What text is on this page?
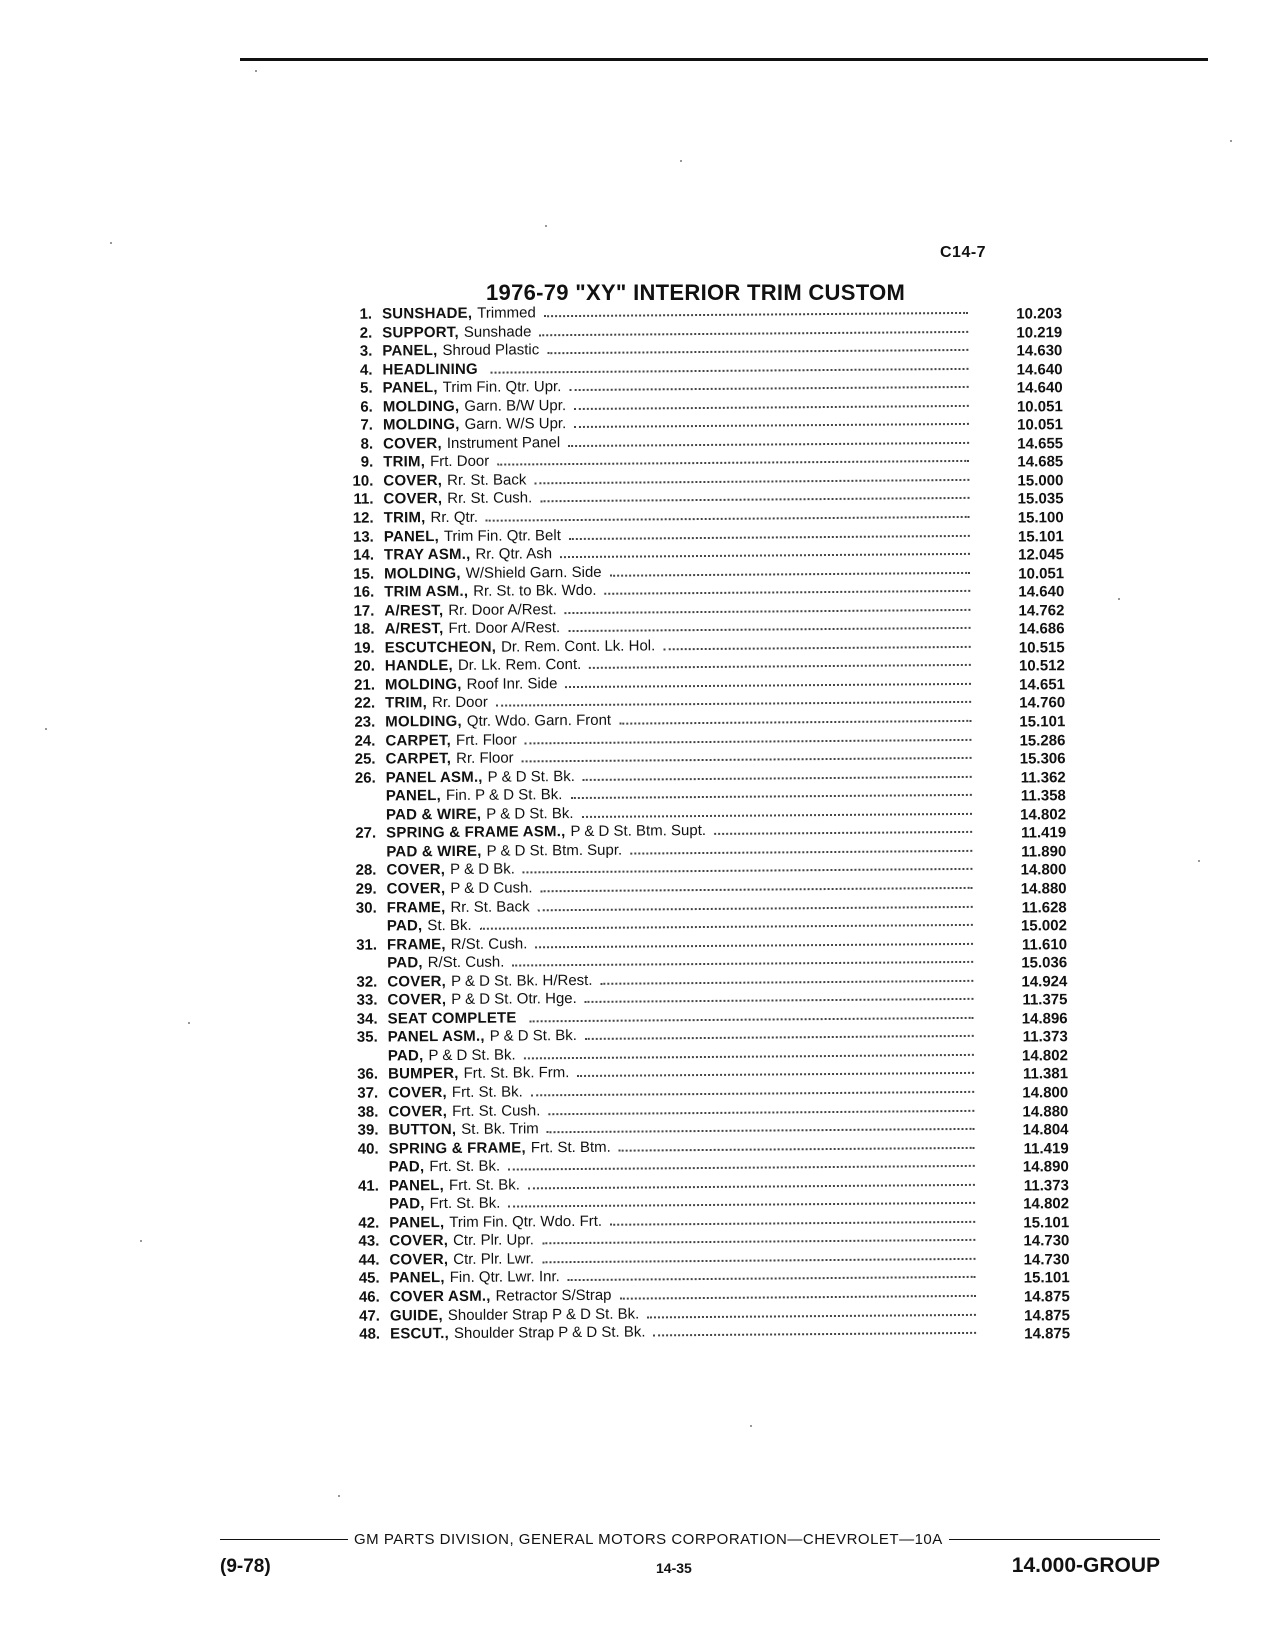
C14-7
1976-79 "XY" INTERIOR TRIM CUSTOM
1. SUNSHADE, Trimmed	10.203
2. SUPPORT, Sunshade	10.219
3. PANEL, Shroud Plastic	14.630
4. HEADLINING	14.640
5. PANEL, Trim Fin. Qtr. Upr.	14.640
6. MOLDING, Garn. B/W Upr.	10.051
7. MOLDING, Garn. W/S Upr.	10.051
8. COVER, Instrument Panel	14.655
9. TRIM, Frt. Door	14.685
10. COVER, Rr. St. Back	15.000
11. COVER, Rr. St. Cush.	15.035
12. TRIM, Rr. Qtr.	15.100
13. PANEL, Trim Fin. Qtr. Belt	15.101
14. TRAY ASM., Rr. Qtr. Ash	12.045
15. MOLDING, W/Shield Garn. Side	10.051
16. TRIM ASM., Rr. St. to Bk. Wdo.	14.640
17. A/REST, Rr. Door A/Rest.	14.762
18. A/REST, Frt. Door A/Rest.	14.686
19. ESCUTCHEON, Dr. Rem. Cont. Lk. Hol.	10.515
20. HANDLE, Dr. Lk. Rem. Cont.	10.512
21. MOLDING, Roof Inr. Side	14.651
22. TRIM, Rr. Door	14.760
23. MOLDING, Qtr. Wdo. Garn. Front	15.101
24. CARPET, Frt. Floor	15.286
25. CARPET, Rr. Floor	15.306
26. PANEL ASM., P & D St. Bk.	11.362
PANEL, Fin. P & D St. Bk.	11.358
PAD & WIRE, P & D St. Bk.	14.802
27. SPRING & FRAME ASM., P & D St. Btm. Supt.	11.419
PAD & WIRE, P & D St. Btm. Supr.	11.890
28. COVER, P & D Bk.	14.800
29. COVER, P & D Cush.	14.880
30. FRAME, Rr. St. Back	11.628
PAD, St. Bk.	15.002
31. FRAME, R/St. Cush.	11.610
PAD, R/St. Cush.	15.036
32. COVER, P & D St. Bk. H/Rest.	14.924
33. COVER, P & D St. Otr. Hge.	11.375
34. SEAT COMPLETE	14.896
35. PANEL ASM., P & D St. Bk.	11.373
PAD, P & D St. Bk.	14.802
36. BUMPER, Frt. St. Bk. Frm.	11.381
37. COVER, Frt. St. Bk.	14.800
38. COVER, Frt. St. Cush.	14.880
39. BUTTON, St. Bk. Trim	14.804
40. SPRING & FRAME, Frt. St. Btm.	11.419
PAD, Frt. St. Bk.	14.890
41. PANEL, Frt. St. Bk.	11.373
PAD, Frt. St. Bk.	14.802
42. PANEL, Trim Fin. Qtr. Wdo. Frt.	15.101
43. COVER, Ctr. Plr. Upr.	14.730
44. COVER, Ctr. Plr. Lwr.	14.730
45. PANEL, Fin. Qtr. Lwr. Inr.	15.101
46. COVER ASM., Retractor S/Strap	14.875
47. GUIDE, Shoulder Strap P & D St. Bk.	14.875
48. ESCUT., Shoulder Strap P & D St. Bk.	14.875
GM PARTS DIVISION, GENERAL MOTORS CORPORATION—CHEVROLET—10A
(9-78)	14-35	14.000-GROUP
